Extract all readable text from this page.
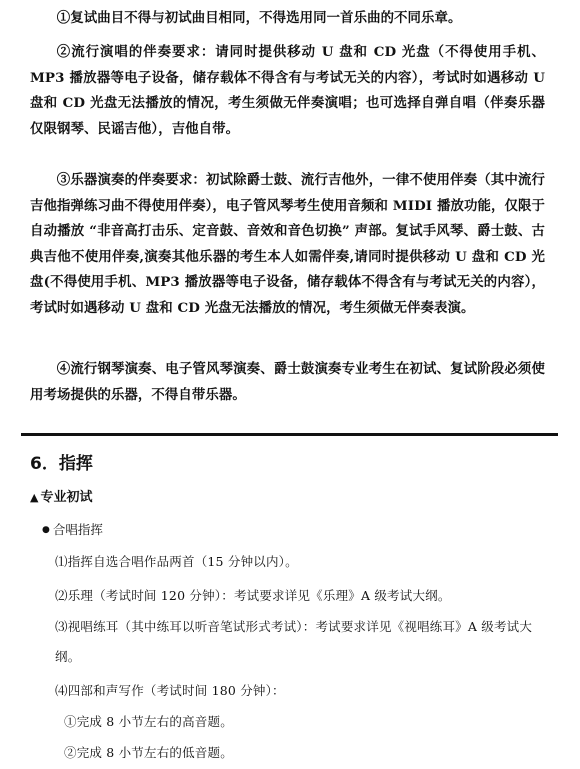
①复试曲目不得与初试曲目相同，不得选用同一首乐曲的不同乐章。
②流行演唱的伴奏要求：请同时提供移动 U 盘和 CD 光盘（不得使用手机、MP3 播放器等电子设备，储存载体不得含有与考试无关的内容），考试时如遇移动 U 盘和 CD 光盘无法播放的情况，考生须做无伴奏演唱；也可选择自弹自唱（伴奏乐器仅限钢琴、民谣吉他），吉他自带。
③乐器演奏的伴奏要求：初试除爵士鼓、流行吉他外，一律不使用伴奏（其中流行吉他指弹练习曲不得使用伴奏），电子管风琴考生使用音频和 MIDI 播放功能，仅限于自动播放 “非音高打击乐、定音鼓、音效和音色切换” 声部。复试手风琴、爵士鼓、古典吉他不使用伴奏,演奏其他乐器的考生本人如需伴奏,请同时提供移动 U 盘和 CD 光盘(不得使用手机、MP3 播放器等电子设备，储存载体不得含有与考试无关的内容），考试时如遇移动 U 盘和 CD 光盘无法播放的情况，考生须做无伴奏表演。
④流行钢琴演奏、电子管风琴演奏、爵士鼓演奏专业考生在初试、复试阶段必须使用考场提供的乐器，不得自带乐器。
6．指挥
▲ 专业初试
● 合唱指挥
⑴指挥自选合唱作品两首（15 分钟以内）。
⑵乐理（考试时间 120 分钟）：考试要求详见《乐理》A 级考试大纲。
⑶视唱练耳（其中练耳以听音笔试形式考试）：考试要求详见《视唱练耳》A 级考试大纲。
⑷四部和声写作（考试时间 180 分钟）：
①完成 8 小节左右的高音题。
②完成 8 小节左右的低音题。
